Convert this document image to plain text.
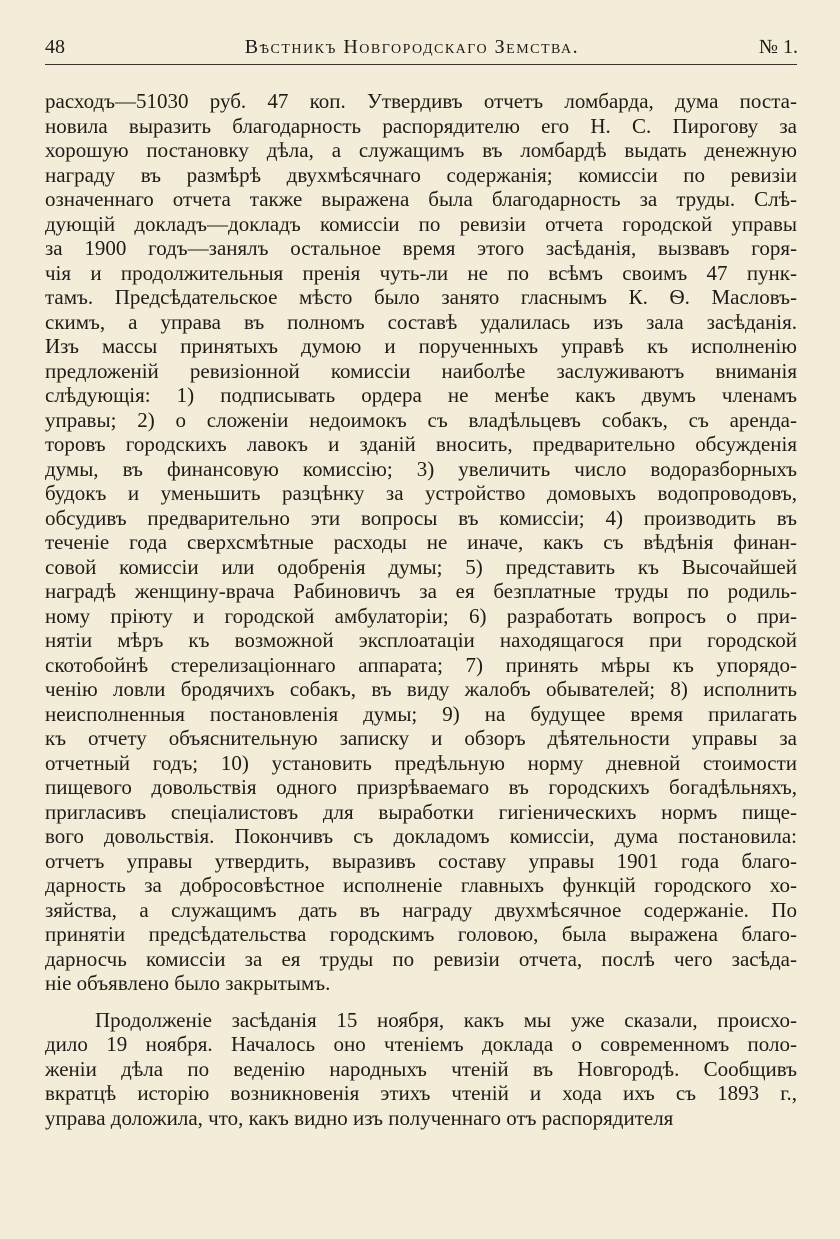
48	Вѣстникъ Новгородскаго Земства.	№ 1.
расходъ—51030 руб. 47 коп. Утвердивъ отчетъ ломбарда, дума поста-
новила выразить благодарность распорядителю его Н. С. Пирогову за
хорошую постановку дѣла, а служащимъ въ ломбардѣ выдать денежную
награду въ размѣрѣ двухмѣсячнаго содержанія; комиссіи по ревизіи
означеннаго отчета также выражена была благодарность за труды. Слѣ-
дующій докладъ—докладъ комиссіи по ревизіи отчета городской управы
за 1900 годъ—занялъ остальное время этого засѣданія, вызвавъ горя-
чія и продолжительныя пренія чуть-ли не по всѣмъ своимъ 47 пунк-
тамъ. Предсѣдательское мѣсто было занято гласнымъ К. Ѳ. Масловъ-
скимъ, а управа въ полномъ составѣ удалилась изъ зала засѣданія.
Изъ массы принятыхъ думою и порученныхъ управѣ къ исполненію
предложеній ревизіонной комиссіи наиболѣе заслуживаютъ вниманія
слѣдующія: 1) подписывать ордера не менѣе какъ двумъ членамъ
управы; 2) о сложеніи недоимокъ съ владѣльцевъ собакъ, съ арендa-
торовъ городскихъ лавокъ и зданій вносить, предварительно обсужденія
думы, въ финансовую комиссію; 3) увеличить число водоразборныхъ
будокъ и уменьшить разцѣнку за устройство домовыхъ водопроводовъ,
обсудивъ предварительно эти вопросы въ комиссіи; 4) производить въ
теченіе года сверхсмѣтные расходы не иначе, какъ съ вѣдѣнія финан-
совой комиссіи или одобренія думы; 5) представить къ Высочайшей
наградѣ женщину-врача Рабиновичъ за ея безплатные труды по родиль-
ному пріюту и городской амбулаторіи; 6) разработать вопросъ о при-
нятіи мѣръ къ возможной эксплоатаціи находящагося при городской
скотобойнѣ стерелизаціоннаго аппарата; 7) принять мѣры къ упорядо-
ченію ловли бродячихъ собакъ, въ виду жалобъ обывателей; 8) исполнить
неисполненныя постановленія думы; 9) на будущее время прилагать
къ отчету объяснительную записку и обзоръ дѣятельности управы за
отчетный годъ; 10) установить предѣльную норму дневной стоимости
пищевого довольствія одного призрѣваемаго въ городскихъ богадѣльняхъ,
пригласивъ спеціалистовъ для выработки гигіеническихъ нормъ пище-
вого довольствія. Покончивъ съ докладомъ комиссіи, дума постановила:
отчетъ управы утвердить, выразивъ составу управы 1901 года благо-
дарность за добросовѣстное исполненіе главныхъ функцій городского хо-
зяйства, а служащимъ дать въ награду двухмѣсячное содержаніе. По
принятіи предсѣдательства городскимъ головою, была выражена благо-
дарносчь комиссіи за ея труды по ревизіи отчета, послѣ чего засѣда-
ніе объявлено было закрытымъ.
Продолженіе засѣданія 15 ноября, какъ мы уже сказали, происхо-
дило 19 ноября. Началось оно чтеніемъ доклада о современномъ поло-
женіи дѣла по веденію народныхъ чтеній въ Новгородѣ. Сообщивъ
вкратцѣ исторію возникновенія этихъ чтеній и хода ихъ съ 1893 г.,
управа доложила, что, какъ видно изъ полученнаго отъ распорядителя
